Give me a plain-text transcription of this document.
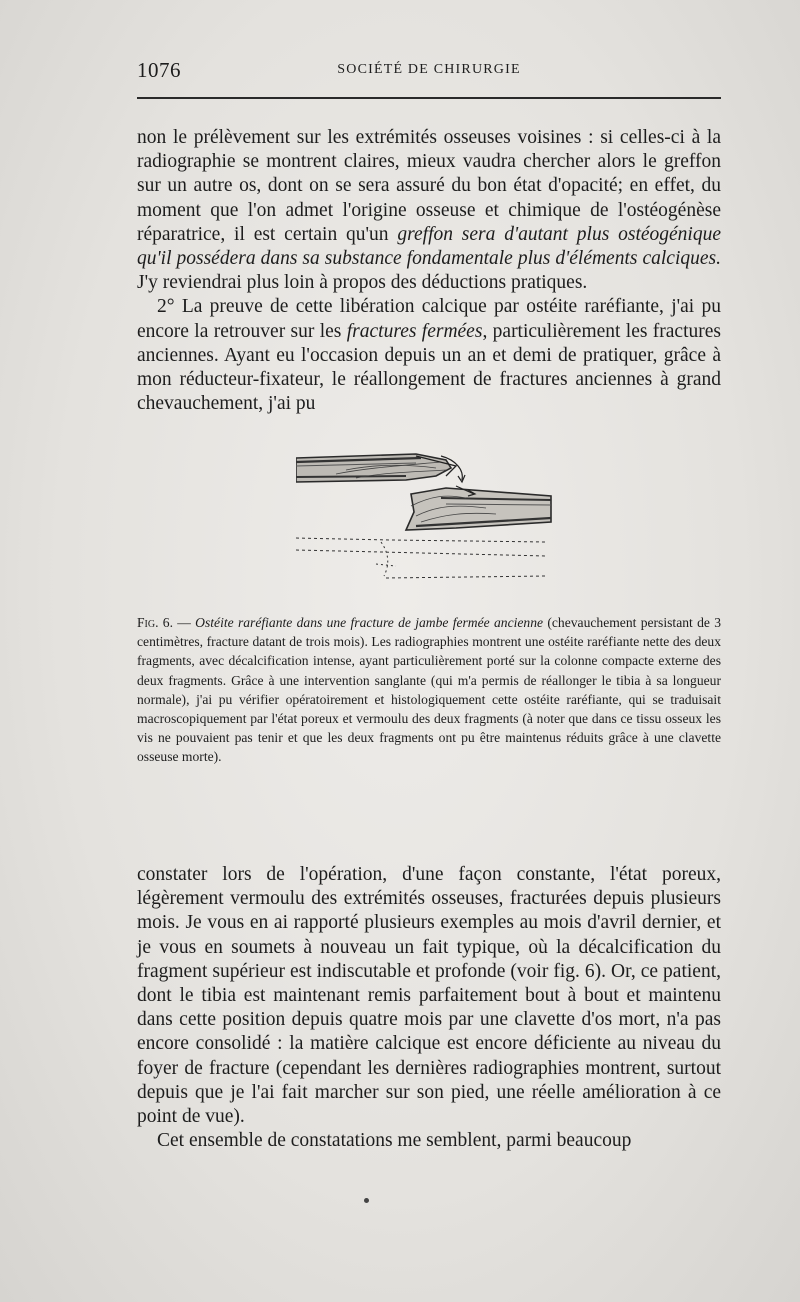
1076	SOCIÉTÉ DE CHIRURGIE

non le prélèvement sur les extrémités osseuses voisines : si celles-ci à la radiographie se montrent claires, mieux vaudra chercher alors le greffon sur un autre os, dont on se sera assuré du bon état d'opacité; en effet, du moment que l'on admet l'origine osseuse et chimique de l'ostéogénèse réparatrice, il est certain qu'un greffon sera d'autant plus ostéogénique qu'il possédera dans sa substance fondamentale plus d'éléments calciques. J'y reviendrai plus loin à propos des déductions pratiques.

2° La preuve de cette libération calcique par ostéite raréfiante, j'ai pu encore la retrouver sur les fractures fermées, particulièrement les fractures anciennes. Ayant eu l'occasion depuis un an et demi de pratiquer, grâce à mon réducteur-fixateur, le réallongement de fractures anciennes à grand chevauchement, j'ai pu

Fig. 6. — Ostéite raréfiante dans une fracture de jambe fermée ancienne (chevauchement persistant de 3 centimètres, fracture datant de trois mois). Les radiographies montrent une ostéite raréfiante nette des deux fragments, avec décalcification intense, ayant particulièrement porté sur la colonne compacte externe des deux fragments. Grâce à une intervention sanglante (qui m'a permis de réallonger le tibia à sa longueur normale), j'ai pu vérifier opératoirement et histologiquement cette ostéite raréfiante, qui se traduisait macroscopiquement par l'état poreux et vermoulu des deux fragments (à noter que dans ce tissu osseux les vis ne pouvaient pas tenir et que les deux fragments ont pu être maintenus réduits grâce à une clavette osseuse morte).

constater lors de l'opération, d'une façon constante, l'état poreux, légèrement vermoulu des extrémités osseuses, fracturées depuis plusieurs mois. Je vous en ai rapporté plusieurs exemples au mois d'avril dernier, et je vous en soumets à nouveau un fait typique, où la décalcification du fragment supérieur est indiscutable et profonde (voir fig. 6). Or, ce patient, dont le tibia est maintenant remis parfaitement bout à bout et maintenu dans cette position depuis quatre mois par une clavette d'os mort, n'a pas encore consolidé : la matière calcique est encore déficiente au niveau du foyer de fracture (cependant les dernières radiographies montrent, surtout depuis que je l'ai fait marcher sur son pied, une réelle amélioration à ce point de vue).

Cet ensemble de constatations me semblent, parmi beaucoup
